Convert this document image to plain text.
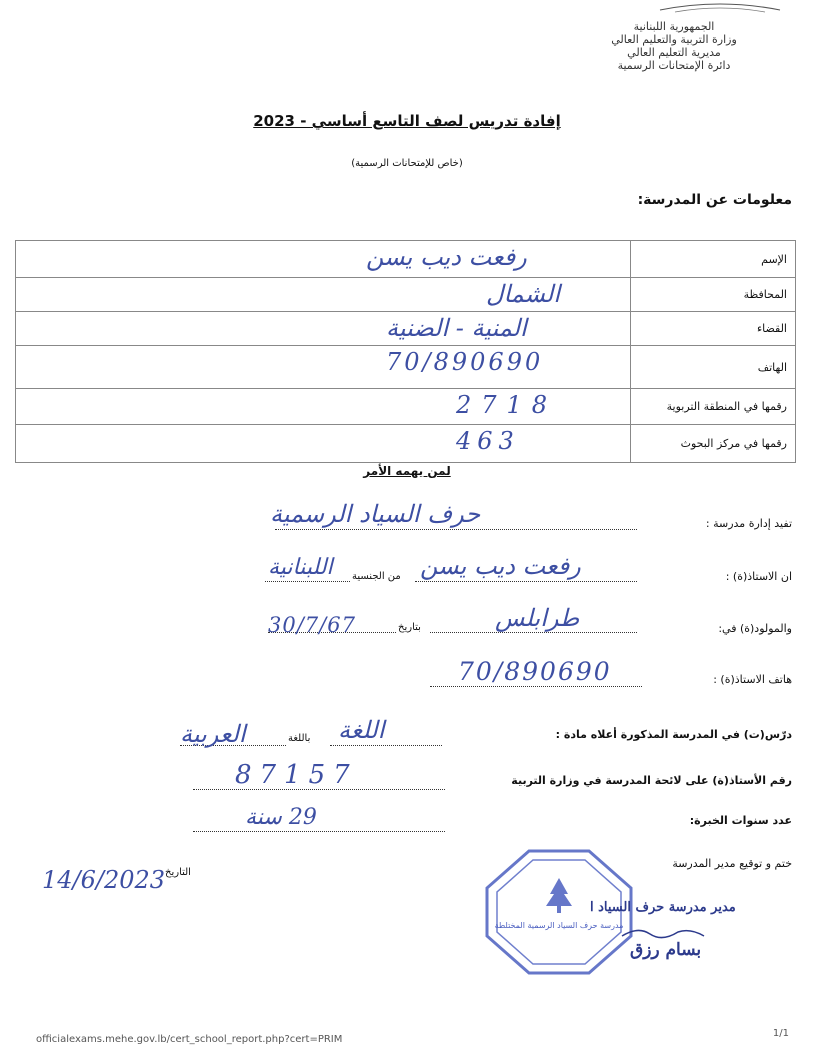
الجمهورية اللبنانية
وزارة التربية والتعليم العالي
مديرية التعليم العالي
دائرة الإمتحانات الرسمية
إفادة تدريس لصف التاسع أساسي - 2023
(خاص للإمتحانات الرسمية)
معلومات عن المدرسة:
رفعت ديب يسن	الإسم

الشمال	المحافظة

المنية - الضنية	القضاء

70/890690	الهاتف

2718	رقمها في المنطقة التربوية

463	رقمها في مركز البحوث
لمن يهمه الأمر
تفيد إدارة مدرسة :
حرف السياد الرسمية
ان الاستاذ(ة) :
رفعت ديب يسن
من الجنسية
اللبنانية
والمولود(ة) في:
طرابلس
بتاريخ
30/7/67
هاتف الاستاذ(ة) :
70/890690
درّس(ت) في المدرسة المذكورة أعلاه مادة :
اللغة
باللغة
العربية
رقم الأستاذ(ة) على لائحة المدرسة في وزارة التربية
87157
عدد سنوات الخبرة:
29 سنة
ختم و توقيع مدير المدرسة
14/6/2023 التاريخ
مدرسة حرف السياد الرسمية المختلطة
مدير مدرسة حرف السياد ا
بسام رزق
officialexams.mehe.gov.lb/cert_school_report.php?cert=PRIM
1/1
